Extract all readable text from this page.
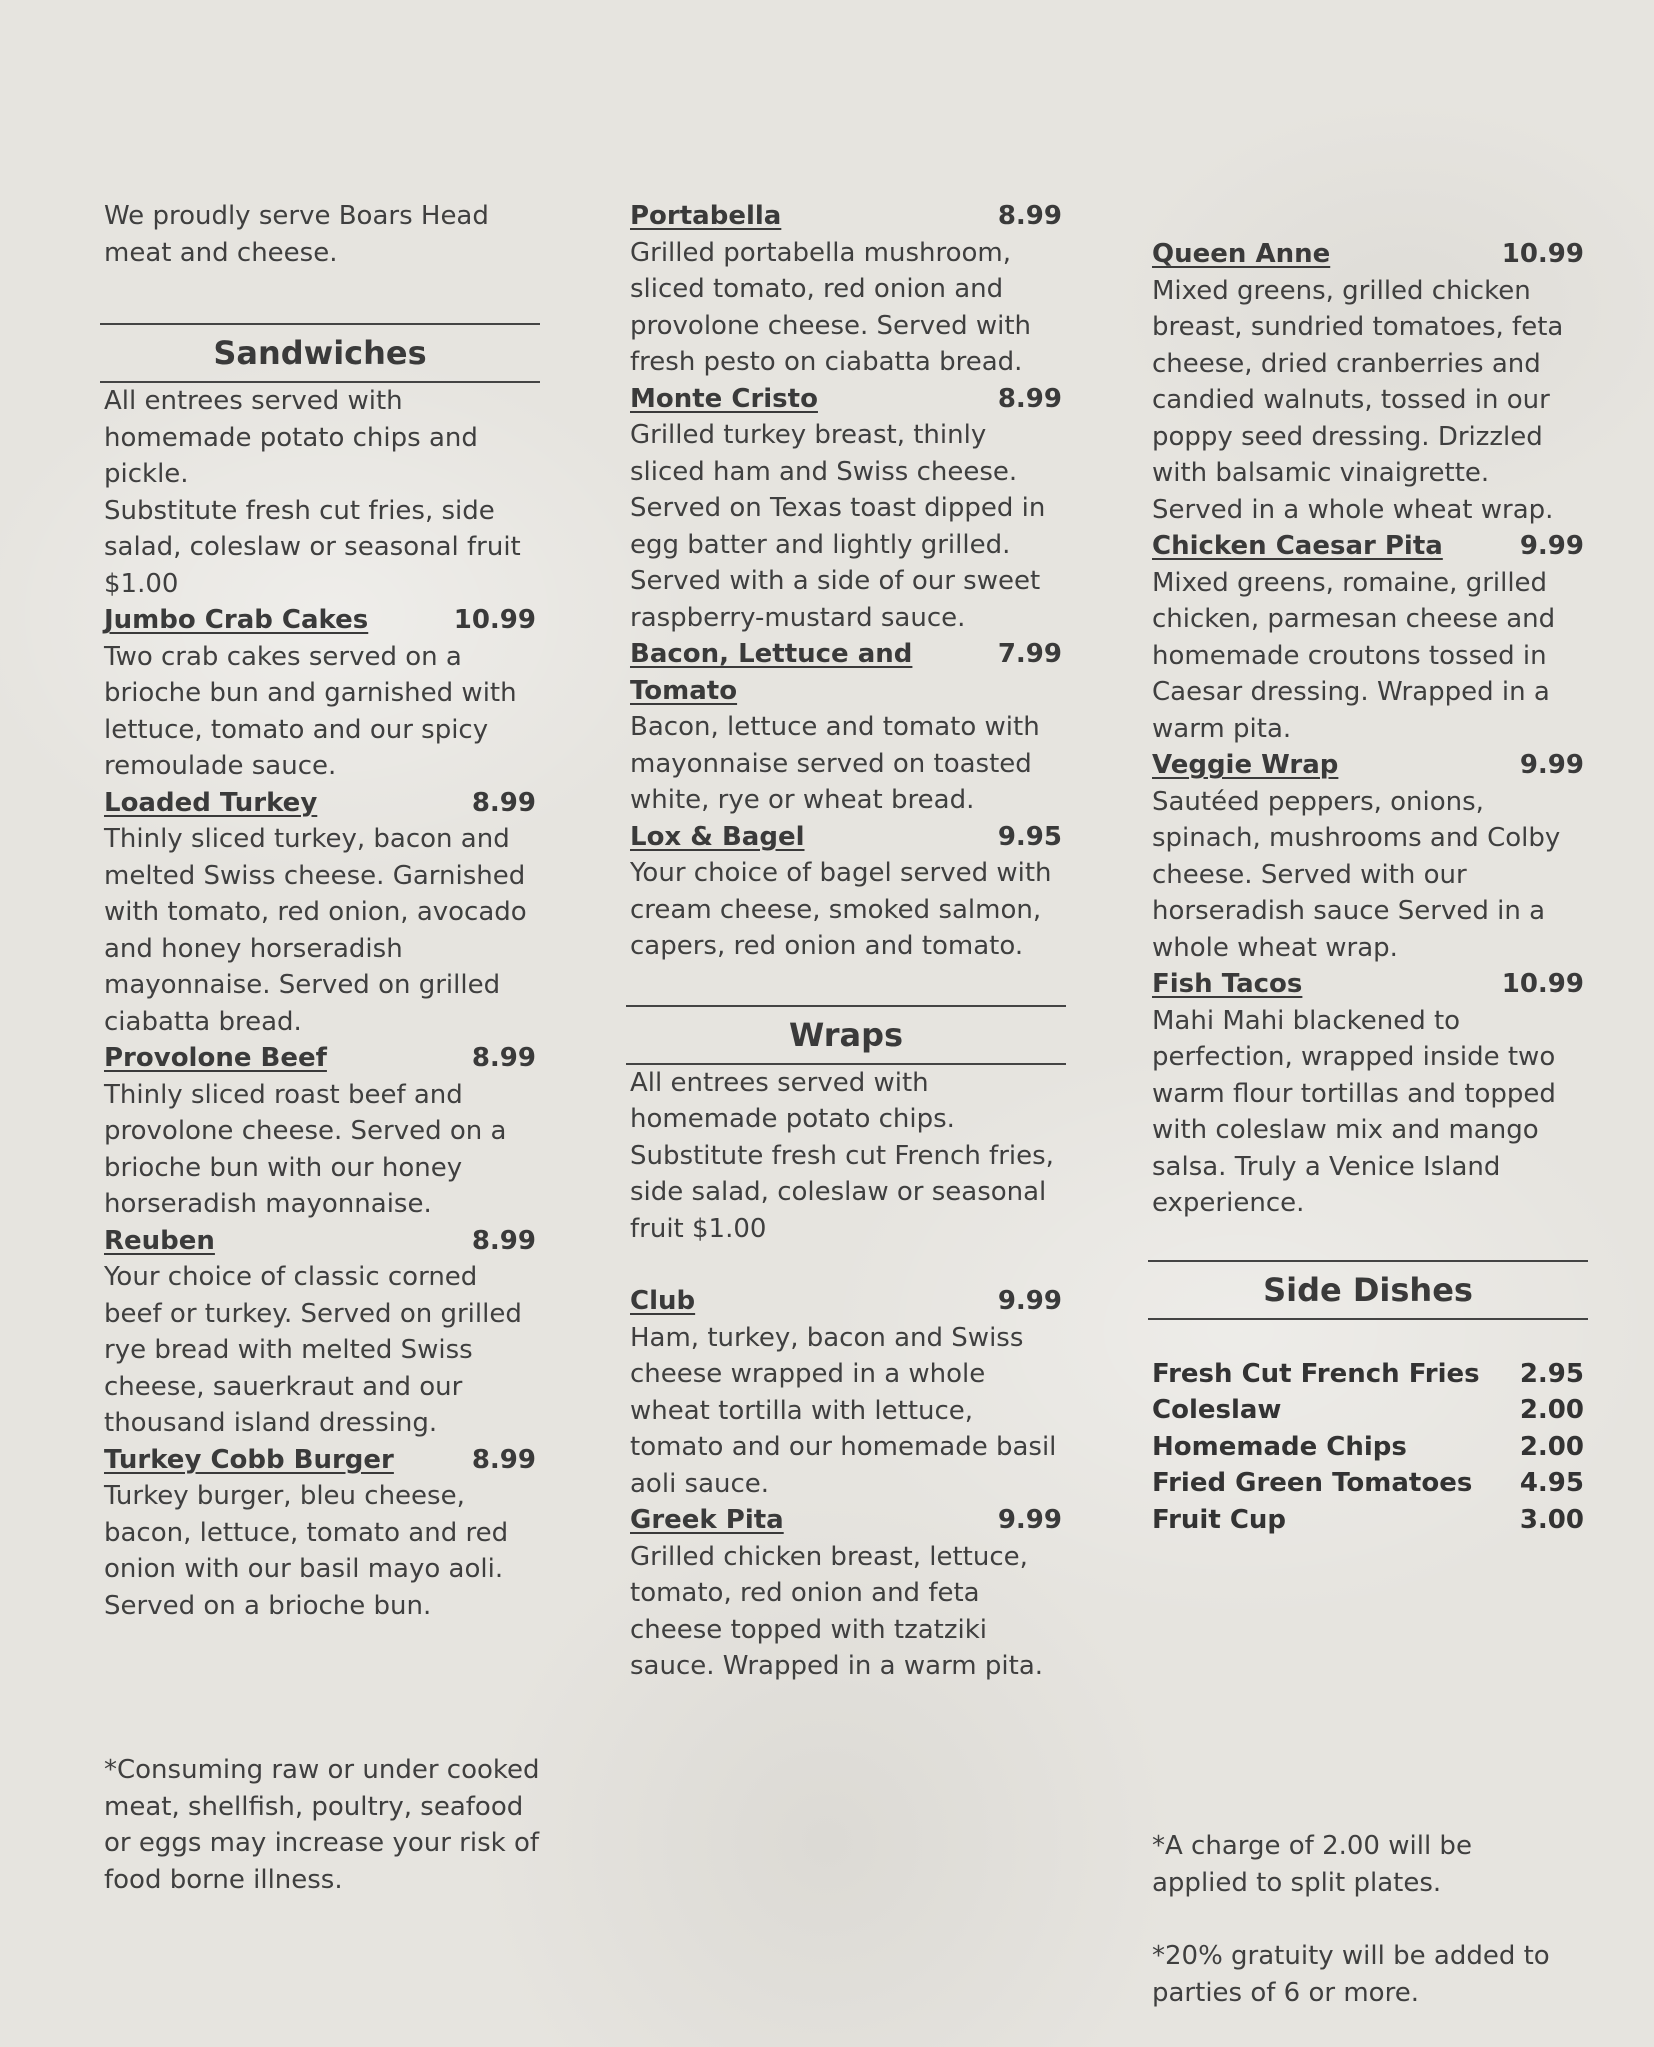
We proudly serve Boars Head meat and cheese.

Sandwiches

All entrees served with homemade potato chips and pickle.

Substitute fresh cut fries, side salad, coleslaw or seasonal fruit $1.00

Jumbo Crab Cakes	10.99

Two crab cakes served on a brioche bun and garnished with lettuce, tomato and our spicy remoulade sauce.

Loaded Turkey	8.99

Thinly sliced turkey, bacon and melted Swiss cheese. Garnished with tomato, red onion, avocado and honey horseradish mayonnaise. Served on grilled ciabatta bread.

Provolone Beef	8.99

Thinly sliced roast beef and provolone cheese. Served on a brioche bun with our honey horseradish mayonnaise.

Reuben	8.99

Your choice of classic corned beef or turkey. Served on grilled rye bread with melted Swiss cheese, sauerkraut and our thousand island dressing.

Turkey Cobb Burger	8.99

Turkey burger, bleu cheese, bacon, lettuce, tomato and red onion with our basil mayo aoli. Served on a brioche bun.

Portabella	8.99

Grilled portabella mushroom, sliced tomato, red onion and provolone cheese. Served with fresh pesto on ciabatta bread.

Monte Cristo	8.99

Grilled turkey breast, thinly sliced ham and Swiss cheese. Served on Texas toast dipped in egg batter and lightly grilled. Served with a side of our sweet raspberry-mustard sauce.

Bacon, Lettuce and Tomato
7.99

Bacon, lettuce and tomato with mayonnaise served on toasted white, rye or wheat bread.

Lox & Bagel	9.95

Your choice of bagel served with cream cheese, smoked salmon, capers, red onion and tomato.

Wraps

All entrees served with homemade potato chips.

Substitute fresh cut French fries, side salad, coleslaw or seasonal fruit $1.00

Club	9.99

Ham, turkey, bacon and Swiss cheese wrapped in a whole wheat tortilla with lettuce, tomato and our homemade basil aoli sauce.

Greek Pita	9.99

Grilled chicken breast, lettuce, tomato, red onion and feta cheese topped with tzatziki sauce. Wrapped in a warm pita.

Queen Anne	10.99

Mixed greens, grilled chicken breast, sundried tomatoes, feta cheese, dried cranberries and candied walnuts, tossed in our poppy seed dressing. Drizzled with balsamic vinaigrette. Served in a whole wheat wrap.

Chicken Caesar Pita	9.99

Mixed greens, romaine, grilled chicken, parmesan cheese and homemade croutons tossed in Caesar dressing. Wrapped in a warm pita.

Veggie Wrap	9.99

Sautéed peppers, onions, spinach, mushrooms and Colby cheese. Served with our horseradish sauce Served in a whole wheat wrap.

Fish Tacos	10.99

Mahi Mahi blackened to perfection, wrapped inside two warm flour tortillas and topped with coleslaw mix and mango salsa. Truly a Venice Island experience.

Side Dishes
Fresh Cut French Fries 2.95
Coleslaw	2.00
Homemade Chips	2.00
Fried Green Tomatoes 4.95
Fruit Cup	3.00

*Consuming raw or under cooked meat, shellfish, poultry, seafood or eggs may increase your risk of food borne illness.

*A charge of 2.00 will be applied to split plates.

*20% gratuity will be added to parties of 6 or more.
